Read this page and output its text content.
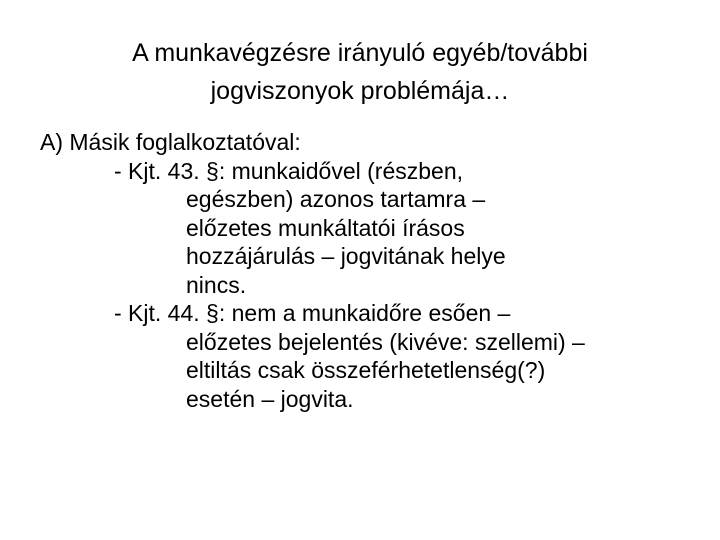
A munkavégzésre irányuló egyéb/további
jogviszonyok problémája…
A) Másik foglalkoztatóval:
- Kjt. 43. §: munkaidővel (részben,
egészben) azonos tartamra –
előzetes munkáltatói írásos
hozzájárulás – jogvitának helye
nincs.
- Kjt. 44. §: nem a munkaidőre esően –
előzetes bejelentés (kivéve: szellemi) –
eltiltás csak összeférhetetlenség(?)
esetén – jogvita.
